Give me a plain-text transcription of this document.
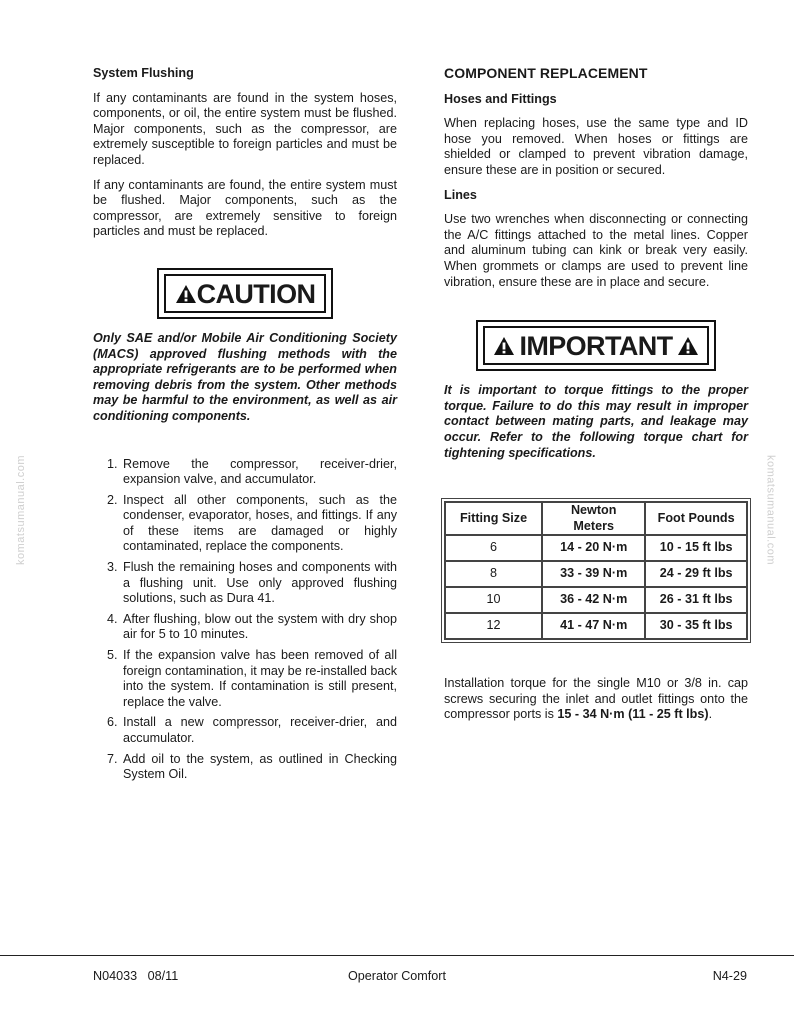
System Flushing

If any contaminants are found in the system hoses, components, or oil, the entire system must be flushed. Major components, such as the compressor, are extremely susceptible to foreign particles and must be replaced.

If any contaminants are found, the entire system must be flushed. Major components, such as the compressor, are extremely sensitive to foreign particles and must be replaced.

CAUTION

Only SAE and/or Mobile Air Conditioning Society (MACS) approved flushing methods with the appropriate refrigerants are to be performed when removing debris from the system. Other methods may be harmful to the environment, as well as air conditioning components.

1. Remove the compressor, receiver-drier, expansion valve, and accumulator.
2. Inspect all other components, such as the condenser, evaporator, hoses, and fittings. If any of these items are damaged or highly contaminated, replace the components.
3. Flush the remaining hoses and components with a flushing unit. Use only approved flushing solutions, such as Dura 41.
4. After flushing, blow out the system with dry shop air for 5 to 10 minutes.
5. If the expansion valve has been removed of all foreign contamination, it may be re-installed back into the system. If contamination is still present, replace the valve.
6. Install a new compressor, receiver-drier, and accumulator.
7. Add oil to the system, as outlined in Checking System Oil.
COMPONENT REPLACEMENT
Hoses and Fittings

When replacing hoses, use the same type and ID hose you removed. When hoses or fittings are shielded or clamped to prevent vibration damage, ensure these are in position or secured.

Lines

Use two wrenches when disconnecting or connecting the A/C fittings attached to the metal lines. Copper and aluminum tubing can kink or break very easily. When grommets or clamps are used to prevent line vibration, ensure these are in place and secure.

IMPORTANT

It is important to torque fittings to the proper torque. Failure to do this may result in improper contact between mating parts, and leakage may occur. Refer to the following torque chart for tightening specifications.

Fitting Size	Newton Meters	Foot Pounds
6	14 - 20 N·m	10 - 15 ft lbs
8	33 - 39 N·m	24 - 29 ft lbs
10	36 - 42 N·m	26 - 31 ft lbs
12	41 - 47 N·m	30 - 35 ft lbs

Installation torque for the single M10 or 3/8 in. cap screws securing the inlet and outlet fittings onto the compressor ports is 15 - 34 N·m (11 - 25 ft lbs).

komatsumanual.com	komatsumanual.com
N04033   08/11	Operator Comfort	N4-29
